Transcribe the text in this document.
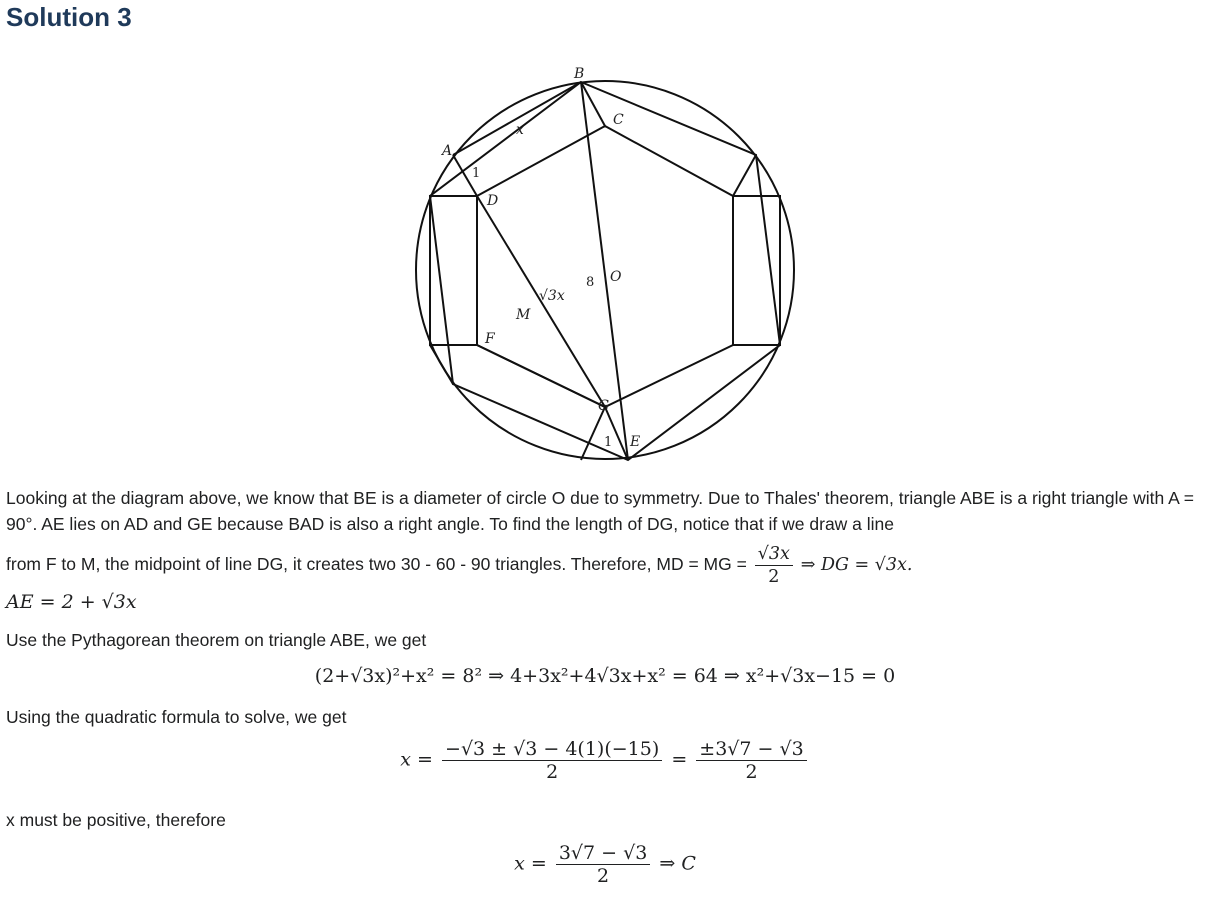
Solution 3
B
C
A
x
1
D
8 O
√3x
M
F
G
1 E

Looking at the diagram above, we know that BE is a diameter of circle O due to symmetry. Due to Thales' theorem, triangle ABE is a right triangle with A = 90°. AE lies on AD and GE because BAD is also a right angle. To find the length of DG, notice that if we draw a line

from F to M, the midpoint of line DG, it creates two 30 - 60 - 90 triangles. Therefore, MD = MG = $\frac{√3x}{2}$ ⇒ DG = √3x.

AE = 2 + √3x

Use the Pythagorean theorem on triangle ABE, we get

(2+√3x)²+x² = 8² ⇒ 4+3x²+4√3x+x² = 64 ⇒ x²+√3x−15 = 0

Using the quadratic formula to solve, we get

$x = \frac{-√3 \pm √3 - 4(1)(-15)}{2} = \frac{\pm 3√7 - √3}{2}$

x must be positive, therefore

$x = \frac{3√7 - √3}{2}$ ⇒ C
